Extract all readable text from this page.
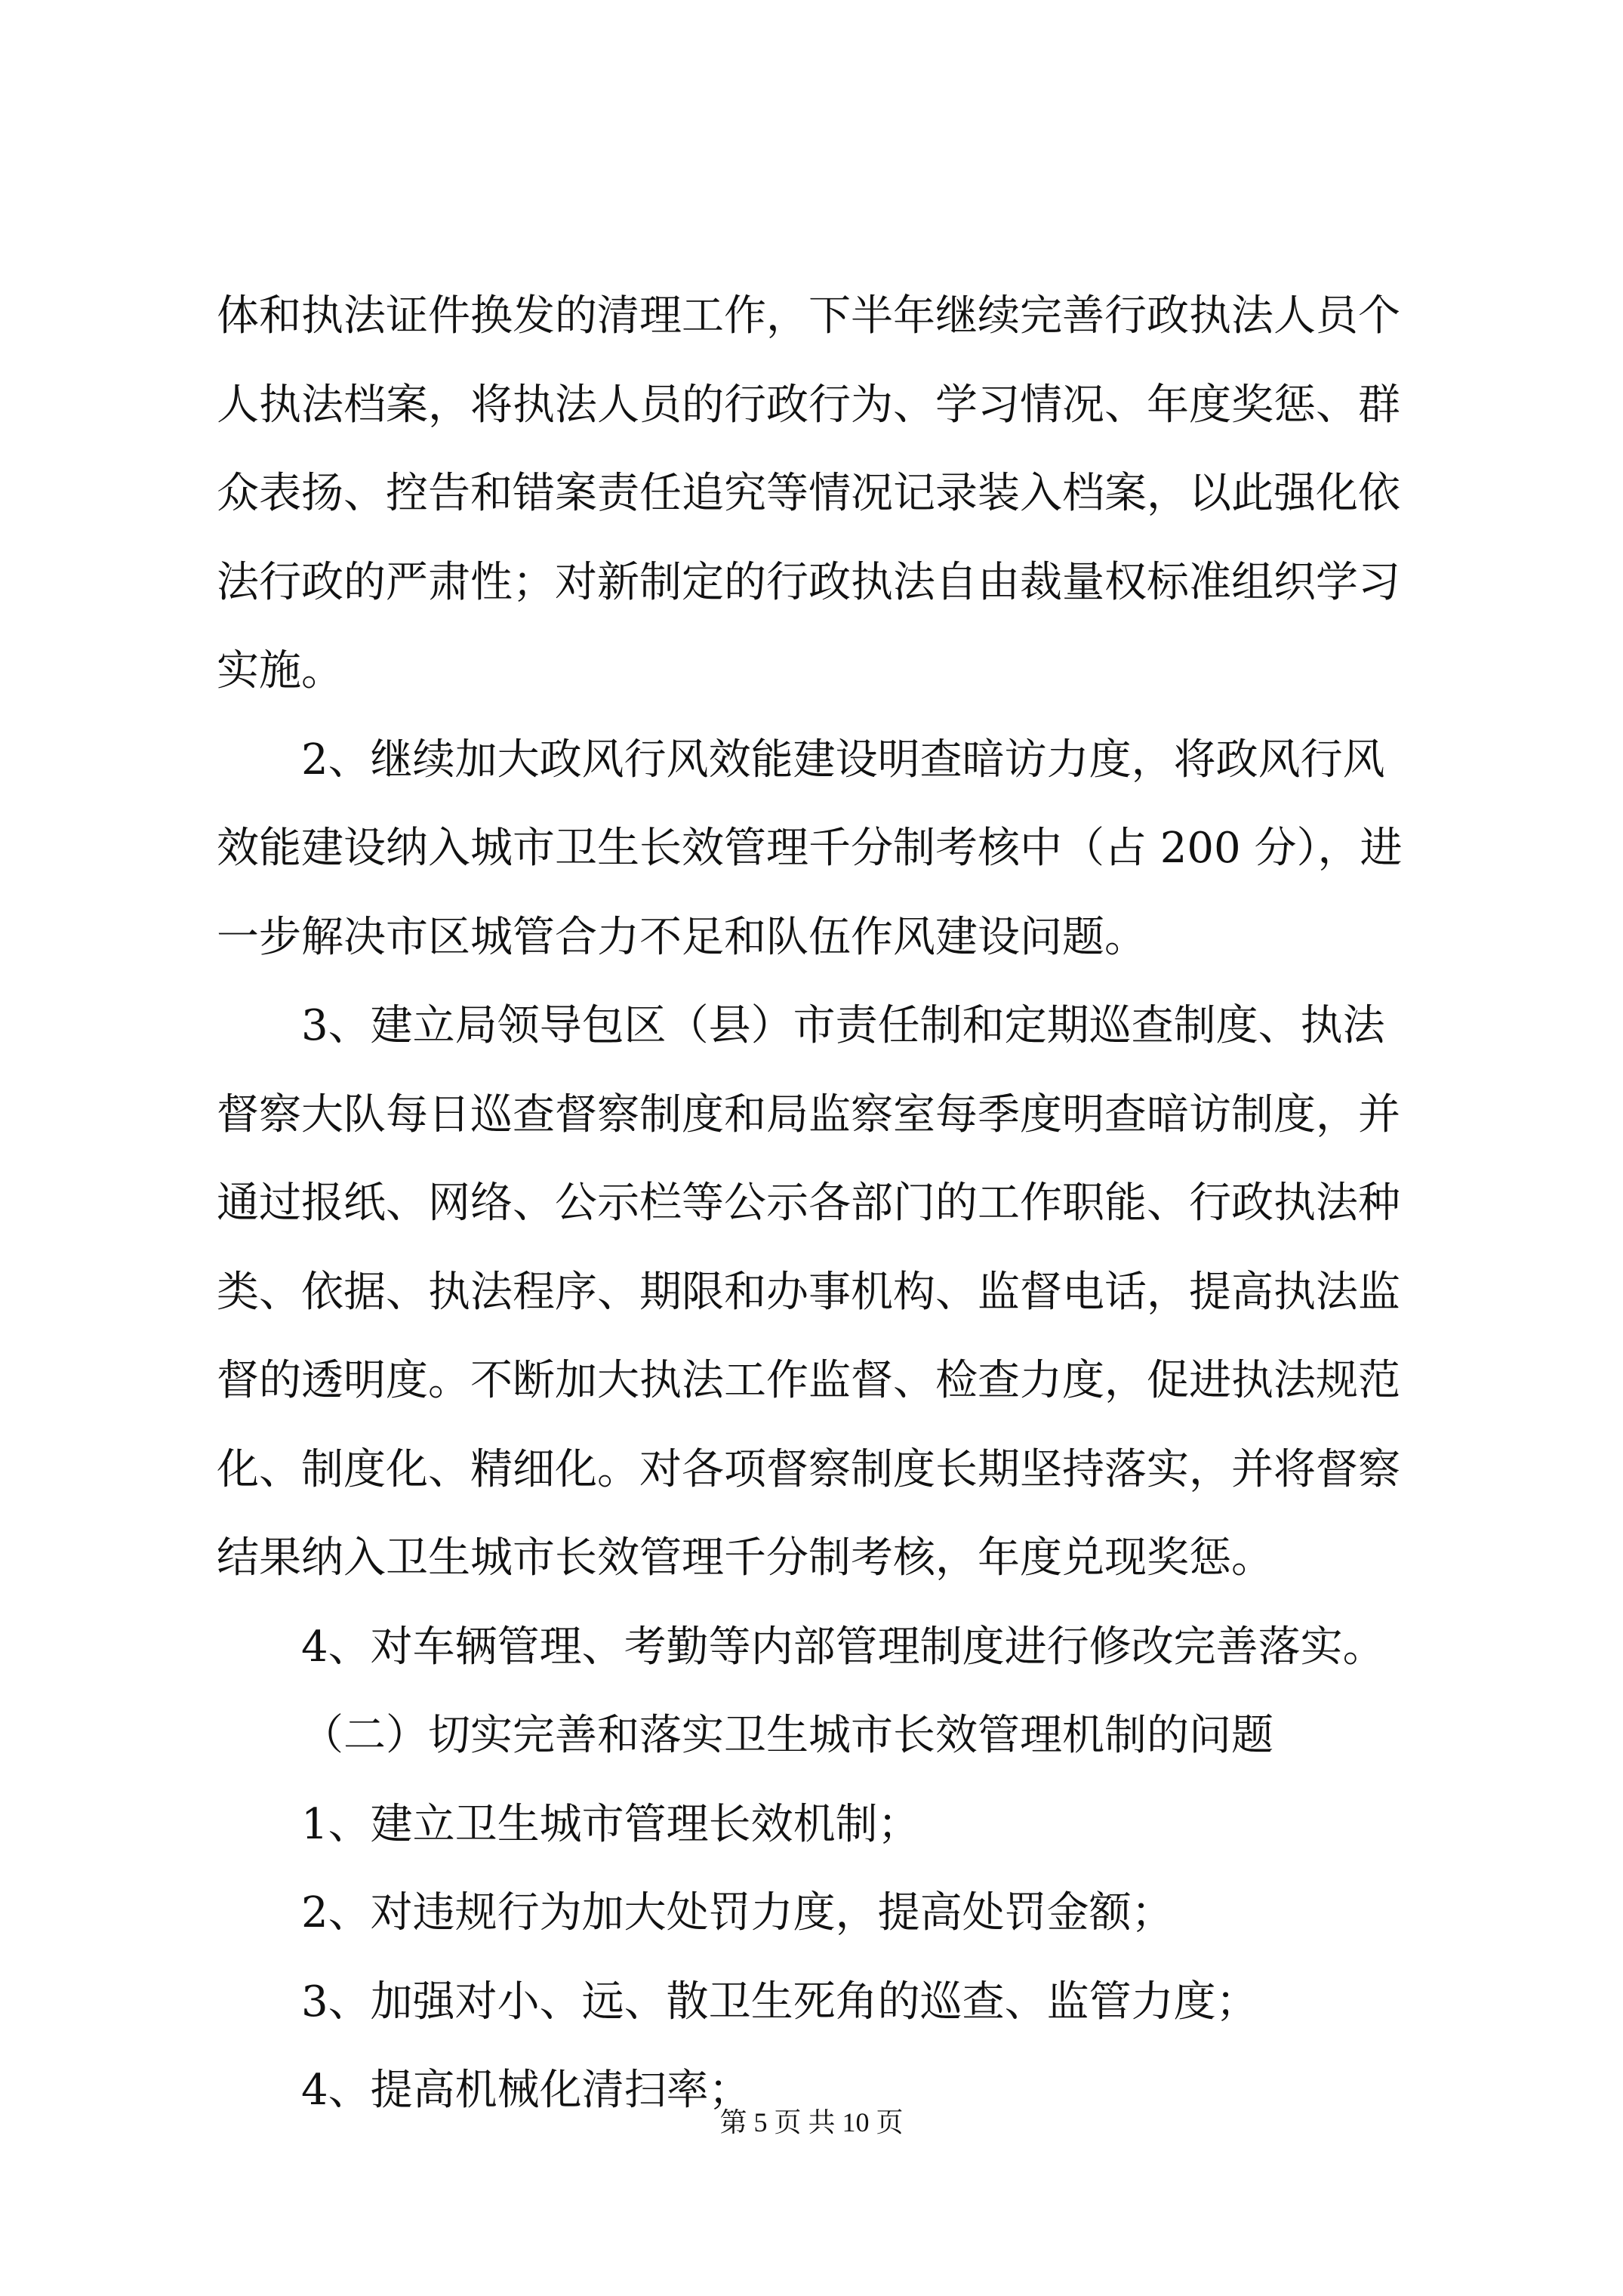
体和执法证件换发的清理工作，下半年继续完善行政执法人员个
人执法档案，将执法人员的行政行为、学习情况、年度奖惩、群
众表扬、控告和错案责任追究等情况记录装入档案，以此强化依
法行政的严肃性；对新制定的行政执法自由裁量权标准组织学习
实施。
2、继续加大政风行风效能建设明查暗访力度，将政风行风
效能建设纳入城市卫生长效管理千分制考核中（占 200 分），进
一步解决市区城管合力不足和队伍作风建设问题。
3、建立局领导包区（县）市责任制和定期巡查制度、执法
督察大队每日巡查督察制度和局监察室每季度明查暗访制度，并
通过报纸、网络、公示栏等公示各部门的工作职能、行政执法种
类、依据、执法程序、期限和办事机构、监督电话，提高执法监
督的透明度。不断加大执法工作监督、检查力度，促进执法规范
化、制度化、精细化。对各项督察制度长期坚持落实，并将督察
结果纳入卫生城市长效管理千分制考核，年度兑现奖惩。
4、对车辆管理、考勤等内部管理制度进行修改完善落实。
（二）切实完善和落实卫生城市长效管理机制的问题
1、建立卫生城市管理长效机制；
2、对违规行为加大处罚力度，提高处罚金额；
3、加强对小、远、散卫生死角的巡查、监管力度；
4、提高机械化清扫率；
第 5 页 共 10 页
